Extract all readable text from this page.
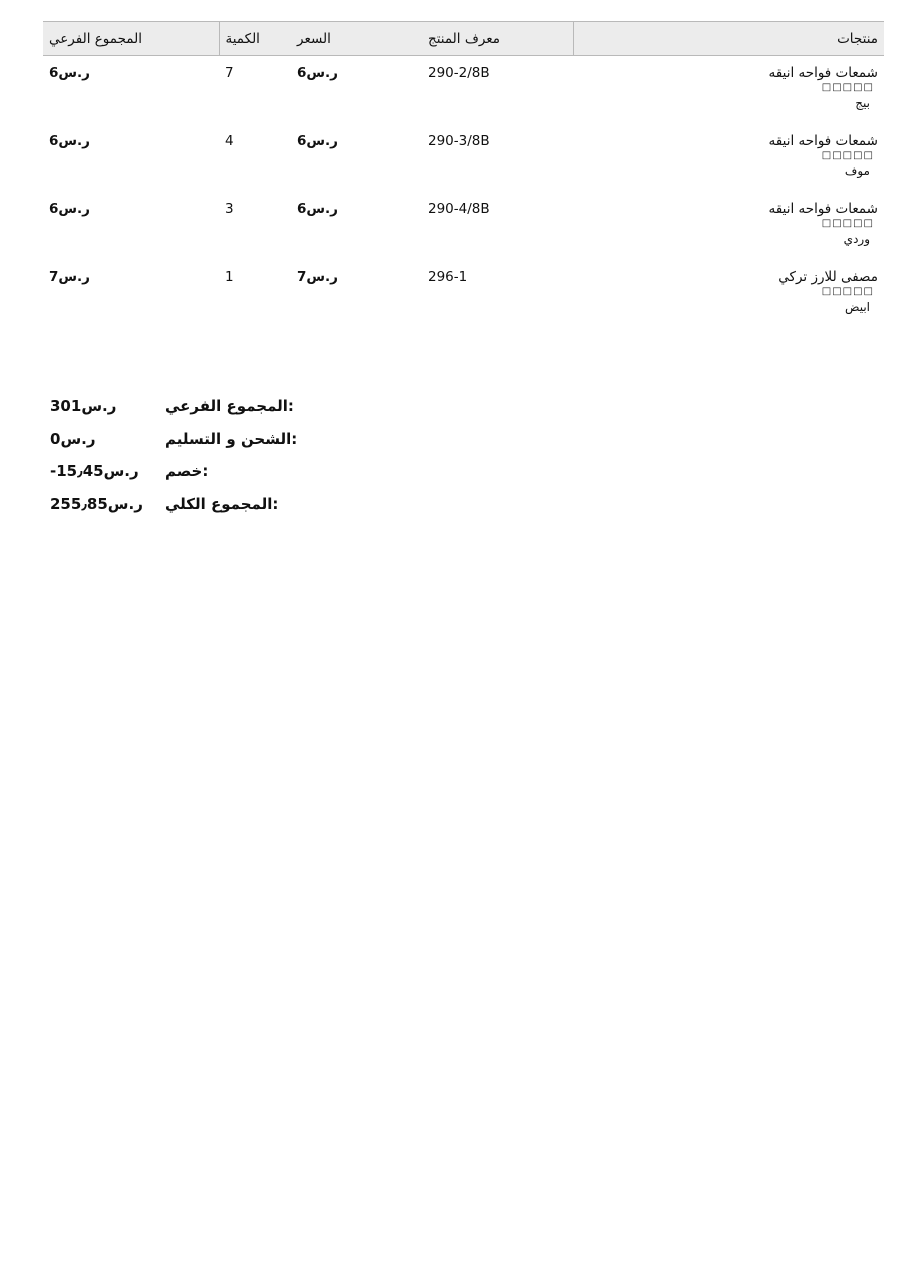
المجموع الفرعي	الكمية	السعر	معرف المنتج	منتجات
6ر.س	7	6ر.س	290-2/8B	شمعات فواحه انيقه
□□□□□
بيج

6ر.س	4	6ر.س	290-3/8B	شمعات فواحه انيقه
□□□□□
موف

6ر.س	3	6ر.س	290-4/8B	شمعات فواحه انيقه
□□□□□
وردي

7ر.س	1	7ر.س	296-1	مصفى للارز تركي
□□□□□
ابيض
301ر.س	المجموع الفرعي:
0ر.س	الشحن و التسليم:
-15٫45ر.س خصم:
255٫85ر.س المجموع الكلي:
